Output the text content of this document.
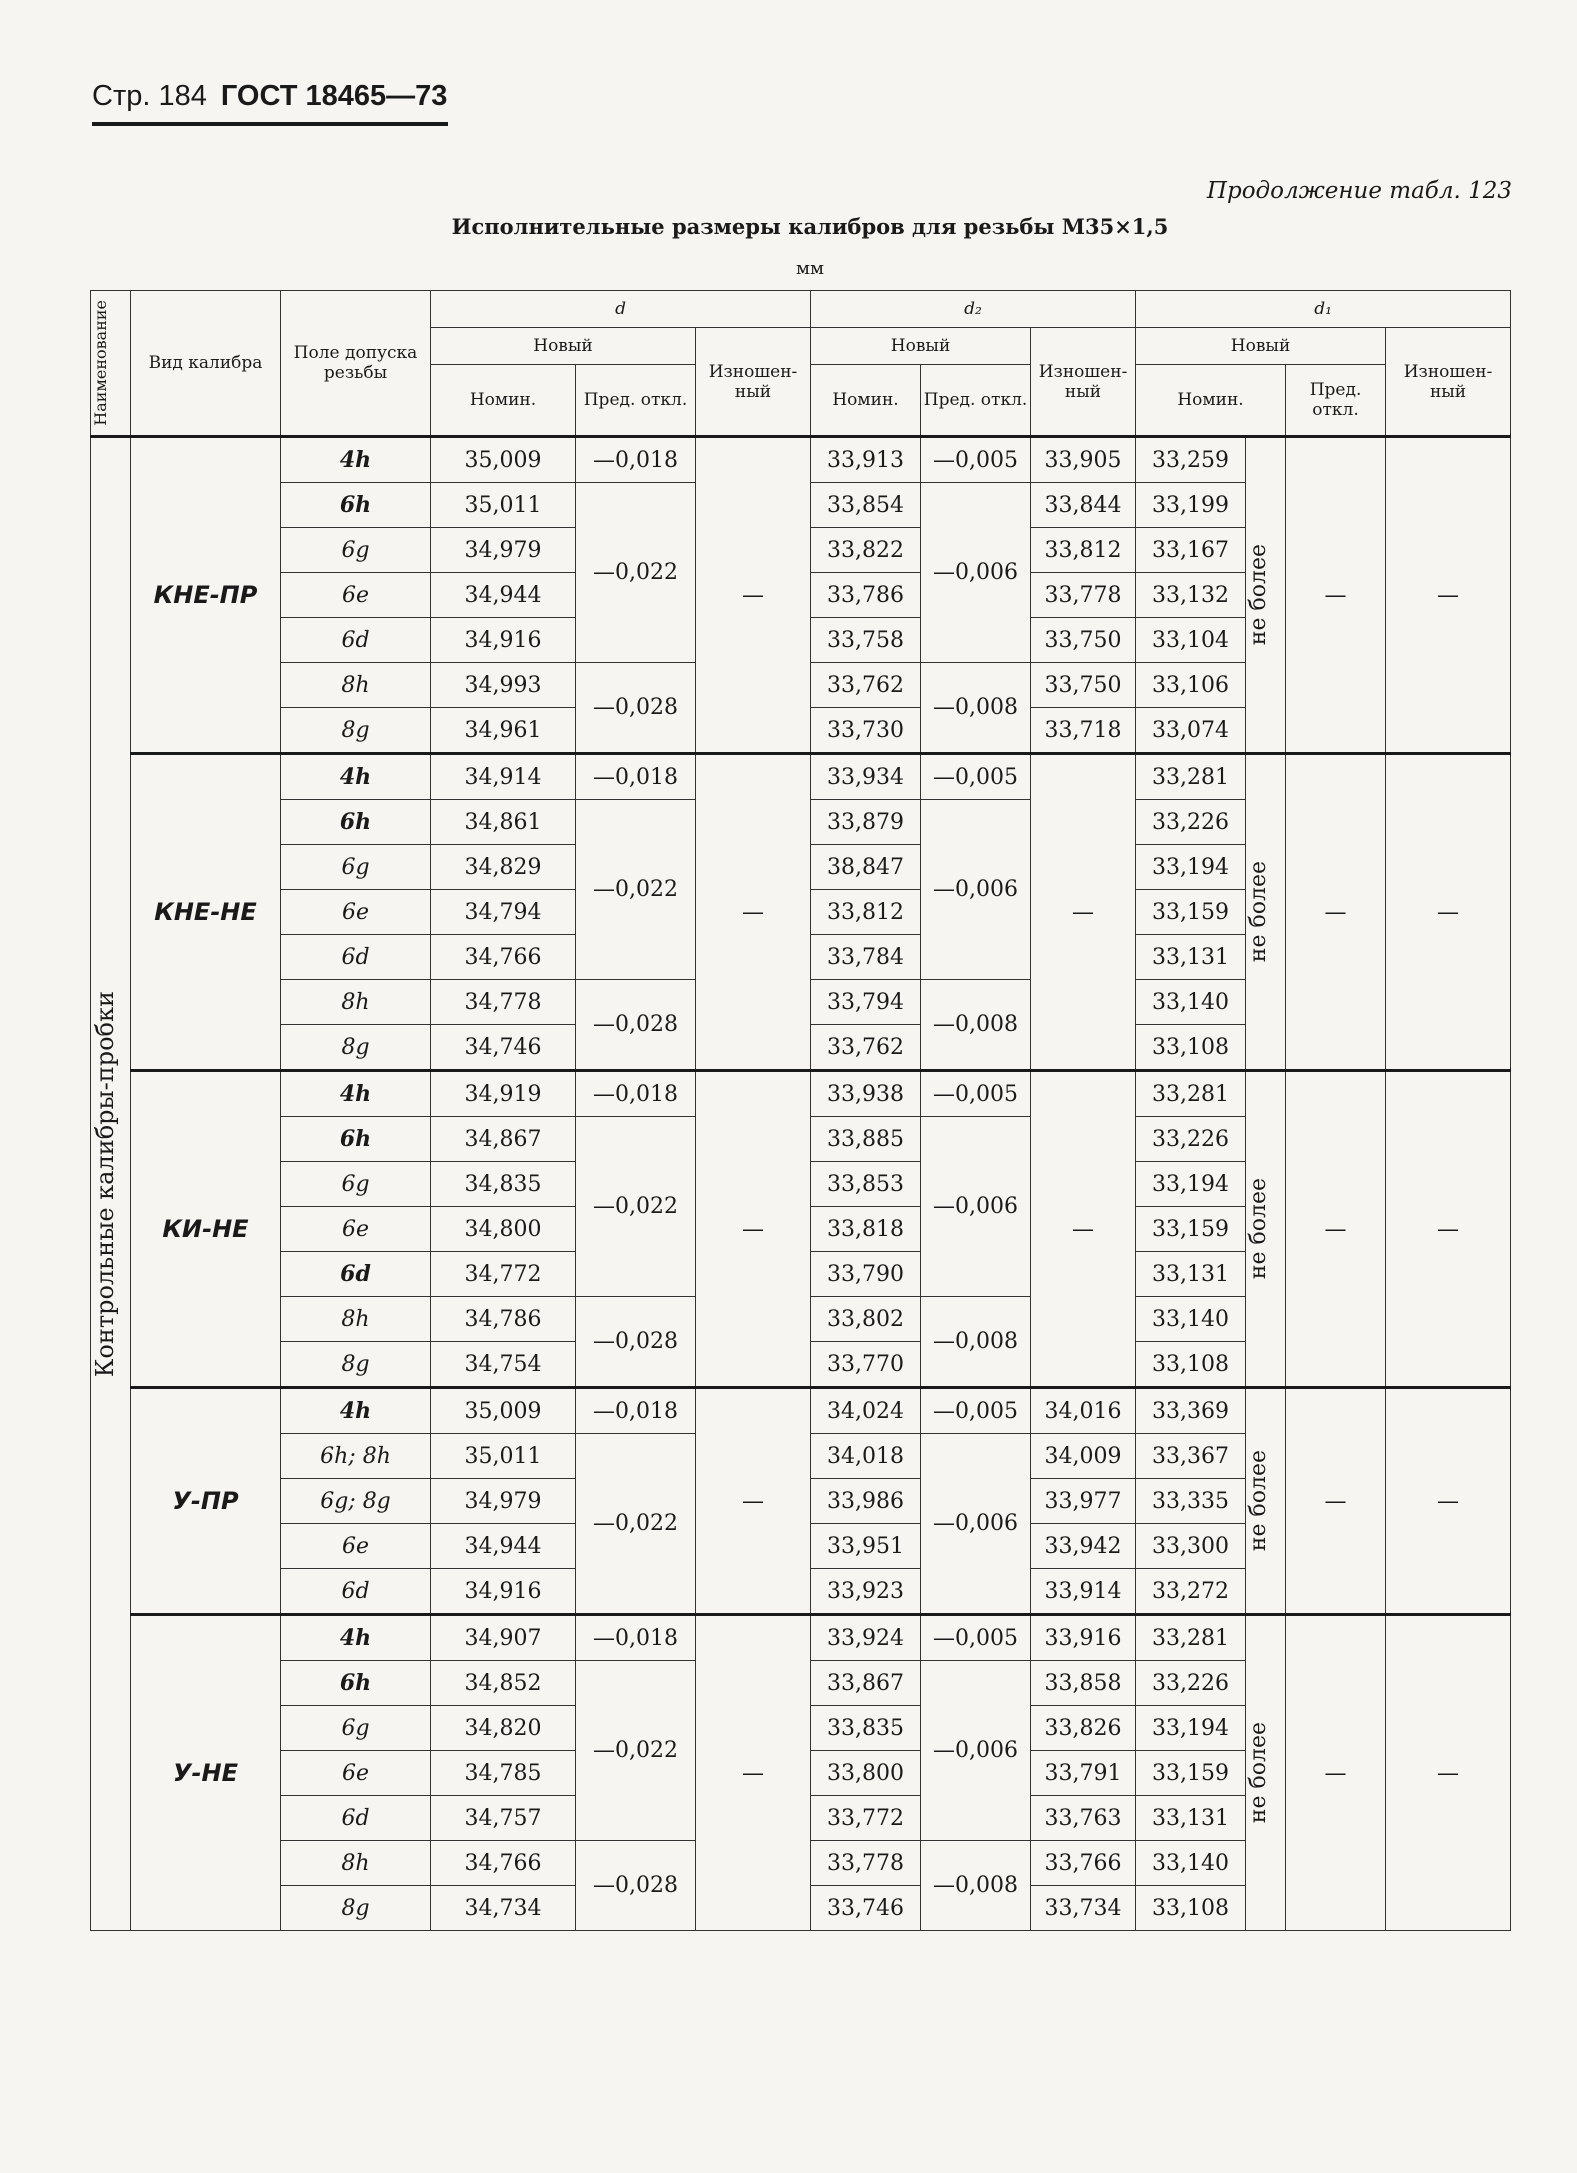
Стр. 184 ГОСТ 18465—73
Продолжение табл. 123
Исполнительные размеры калибров для резьбы М35×1,5
мм
Наименование	Вид калибра	Поле допуска резьбы	d			d₂			d₁			
			Новый		Изношен-ный	Новый		Изношен-ный	Новый			Изношен-ный
			Номин.	Пред. откл.		Номин.	Пред. откл.		Номин.		Пред. откл.	

Контрольные калибры-пробки	КНЕ-ПР	4h	35,009	—0,018	—	33,913	—0,005	33,905	33,259	не более	—	—
		6h	35,011	—0,022		33,854	—0,006	33,844	33,199			
		6g	34,979			33,822		33,812	33,167			
		6e	34,944			33,786		33,778	33,132			
		6d	34,916			33,758		33,750	33,104			
		8h	34,993	—0,028		33,762	—0,008	33,750	33,106			
		8g	34,961			33,730		33,718	33,074			
	КНЕ-НЕ	4h	34,914	—0,018	—	33,934	—0,005	—	33,281	не более	—	—
		6h	34,861	—0,022		33,879	—0,006		33,226			
		6g	34,829			38,847			33,194			
		6e	34,794			33,812			33,159			
		6d	34,766			33,784			33,131			
		8h	34,778	—0,028		33,794	—0,008		33,140			
		8g	34,746			33,762			33,108			
	КИ-НЕ	4h	34,919	—0,018	—	33,938	—0,005	—	33,281	не более	—	—
		6h	34,867	—0,022		33,885	—0,006		33,226			
		6g	34,835			33,853			33,194			
		6e	34,800			33,818			33,159			
		6d	34,772			33,790			33,131			
		8h	34,786	—0,028		33,802	—0,008		33,140			
		8g	34,754			33,770			33,108			
	У-ПР	4h	35,009	—0,018	—	34,024	—0,005	34,016	33,369	не более	—	—
		6h; 8h	35,011	—0,022		34,018	—0,006	34,009	33,367			
		6g; 8g	34,979			33,986		33,977	33,335			
		6e	34,944			33,951		33,942	33,300			
		6d	34,916			33,923		33,914	33,272			
	У-НЕ	4h	34,907	—0,018	—	33,924	—0,005	33,916	33,281	не более	—	—
		6h	34,852	—0,022		33,867	—0,006	33,858	33,226			
		6g	34,820			33,835		33,826	33,194			
		6e	34,785			33,800		33,791	33,159			
		6d	34,757			33,772		33,763	33,131			
		8h	34,766	—0,028		33,778	—0,008	33,766	33,140			
		8g	34,734			33,746		33,734	33,108			
